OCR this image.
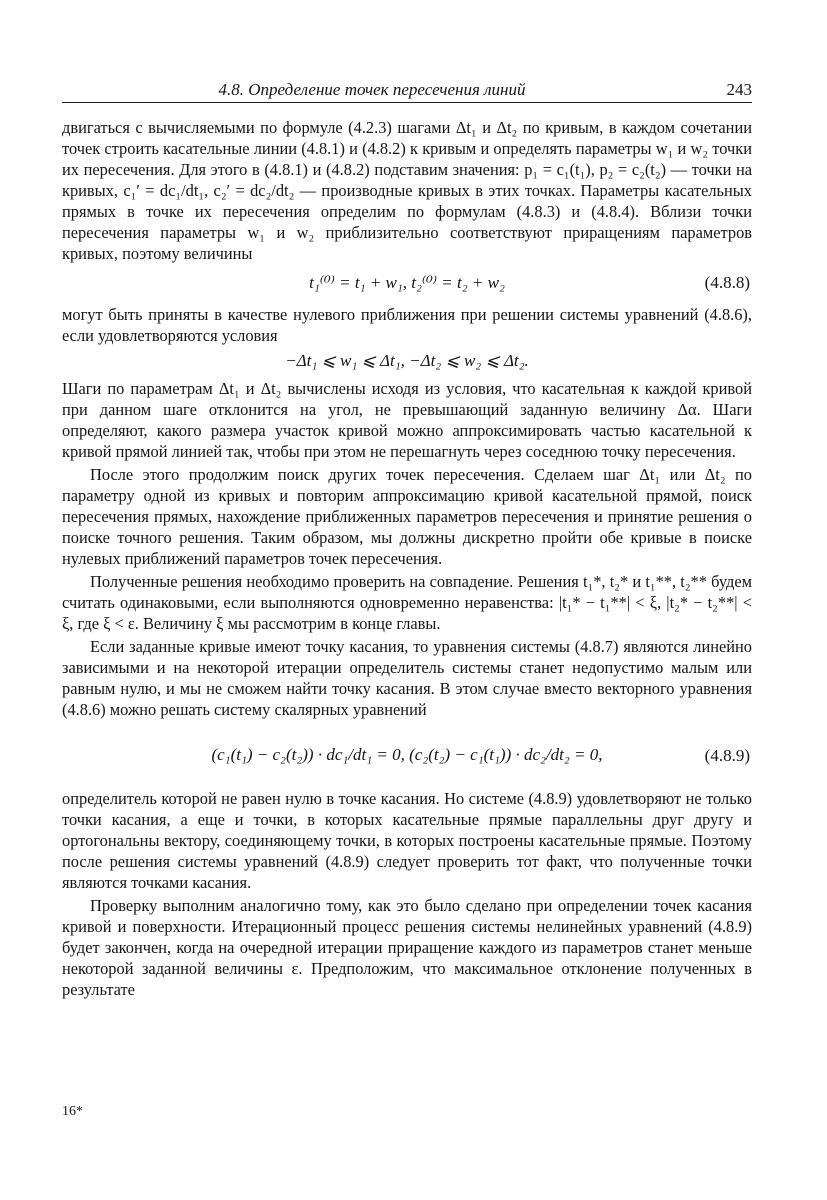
4.8. Определение точек пересечения линий	243

двигаться с вычисляемыми по формуле (4.2.3) шагами Δt₁ и Δt₂ по кривым, в каждом сочетании точек строить касательные линии (4.8.1) и (4.8.2) к кривым и определять параметры w₁ и w₂ точки их пересечения. Для этого в (4.8.1) и (4.8.2) подставим значения: p₁ = c₁(t₁), p₂ = c₂(t₂) — точки на кривых, c₁′ = dc₁/dt₁, c₂′ = dc₂/dt₂ — производные кривых в этих точках. Параметры касательных прямых в точке их пересечения определим по формулам (4.8.3) и (4.8.4). Вблизи точки пересечения параметры w₁ и w₂ приблизительно соответствуют приращениям параметров кривых, поэтому величины

t₁⁽⁰⁾ = t₁ + w₁, t₂⁽⁰⁾ = t₂ + w₂	(4.8.8)

могут быть приняты в качестве нулевого приближения при решении системы уравнений (4.8.6), если удовлетворяются условия

−Δt₁ ⩽ w₁ ⩽ Δt₁, −Δt₂ ⩽ w₂ ⩽ Δt₂.

Шаги по параметрам Δt₁ и Δt₂ вычислены исходя из условия, что касательная к каждой кривой при данном шаге отклонится на угол, не превышающий заданную величину Δα. Шаги определяют, какого размера участок кривой можно аппроксимировать частью касательной к кривой прямой линией так, чтобы при этом не перешагнуть через соседнюю точку пересечения.

После этого продолжим поиск других точек пересечения. Сделаем шаг Δt₁ или Δt₂ по параметру одной из кривых и повторим аппроксимацию кривой касательной прямой, поиск пересечения прямых, нахождение приближенных параметров пересечения и принятие решения о поиске точного решения. Таким образом, мы должны дискретно пройти обе кривые в поиске нулевых приближений параметров точек пересечения.

Полученные решения необходимо проверить на совпадение. Решения t₁*, t₂* и t₁**, t₂** будем считать одинаковыми, если выполняются одновременно неравенства: |t₁* − t₁**| < ξ, |t₂* − t₂**| < ξ, где ξ < ε. Величину ξ мы рассмотрим в конце главы.

Если заданные кривые имеют точку касания, то уравнения системы (4.8.7) являются линейно зависимыми и на некоторой итерации определитель системы станет недопустимо малым или равным нулю, и мы не сможем найти точку касания. В этом случае вместо векторного уравнения (4.8.6) можно решать систему скалярных уравнений

(c₁(t₁) − c₂(t₂)) · dc₁/dt₁ = 0, (c₂(t₂) − c₁(t₁)) · dc₂/dt₂ = 0,	(4.8.9)

определитель которой не равен нулю в точке касания. Но системе (4.8.9) удовлетворяют не только точки касания, а еще и точки, в которых касательные прямые параллельны друг другу и ортогональны вектору, соединяющему точки, в которых построены касательные прямые. Поэтому после решения системы уравнений (4.8.9) следует проверить тот факт, что полученные точки являются точками касания.

Проверку выполним аналогично тому, как это было сделано при определении точек касания кривой и поверхности. Итерационный процесс решения системы нелинейных уравнений (4.8.9) будет закончен, когда на очередной итерации приращение каждого из параметров станет меньше некоторой заданной величины ε. Предположим, что максимальное отклонение полученных в результате

16*
